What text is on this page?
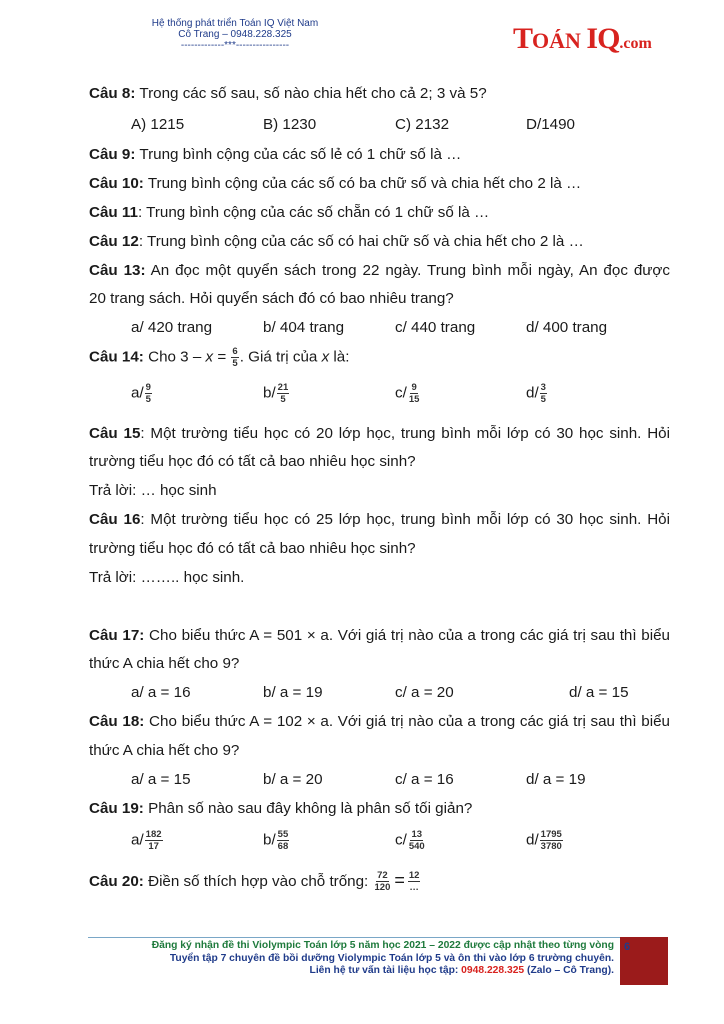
Hệ thống phát triển Toán IQ Việt Nam
Cô Trang – 0948.228.325
-------------***----------------	TOÁN IQ.com
Câu 8: Trong các số sau, số nào chia hết cho cả 2; 3 và 5?
A) 1215	B) 1230	C) 2132	D/1490
Câu 9: Trung bình cộng của các số lẻ có 1 chữ số là …
Câu 10: Trung bình cộng của các số có ba chữ số và chia hết cho 2 là …
Câu 11: Trung bình cộng của các số chẵn có 1 chữ số là …
Câu 12: Trung bình cộng của các số có hai chữ số và chia hết cho 2 là …
Câu 13: An đọc một quyển sách trong 22 ngày. Trung bình mỗi ngày, An đọc được
20 trang sách. Hỏi quyển sách đó có bao nhiêu trang?
a/ 420 trang	b/ 404 trang	c/ 440 trang	d/ 400 trang
Câu 14: Cho $3 - x = \frac{6}{5}$ . Giá trị của x là:
$a/ \frac{9}{5}$	$b/ \frac{21}{5}$	$c/ \frac{9}{15}$	$d/ \frac{3}{5}$
Câu 15: Một trường tiểu học có 20 lớp học, trung bình mỗi lớp có 30 học sinh. Hỏi
trường tiểu học đó có tất cả bao nhiêu học sinh?
Trả lời: … học sinh
Câu 16: Một trường tiểu học có 25 lớp học, trung bình mỗi lớp có 30 học sinh. Hỏi
trường tiểu học đó có tất cả bao nhiêu học sinh?
Trả lời: …….. học sinh.
Câu 17: Cho biểu thức A = 501 × a. Với giá trị nào của a trong các giá trị sau thì biểu
thức A chia hết cho 9?
a/ a = 16	b/ a = 19	c/ a = 20	d/ a = 15
Câu 18: Cho biểu thức A = 102 × a. Với giá trị nào của a trong các giá trị sau thì biểu
thức A chia hết cho 9?
a/ a = 15	b/ a = 20	c/ a = 16	d/ a = 19
Câu 19: Phân số nào sau đây không là phân số tối giản?
$a/ \frac{182}{17}$	$b/ \frac{55}{68}$	$c/ \frac{13}{540}$	$d/ \frac{1795}{3780}$
Câu 20: Điền số thích hợp vào chỗ trống: $\frac{72}{120} = \frac{12}{\dots}$
Đăng ký nhận đề thi Violympic Toán lớp 5 năm học 2021 – 2022 được cập nhật theo từng vòng
Tuyển tập 7 chuyên đề bồi dưỡng Violympic Toán lớp 5 và ôn thi vào lớp 6 trường chuyên.
Liên hệ tư vấn tài liệu học tập: 0948.228.325 (Zalo – Cô Trang).
6
